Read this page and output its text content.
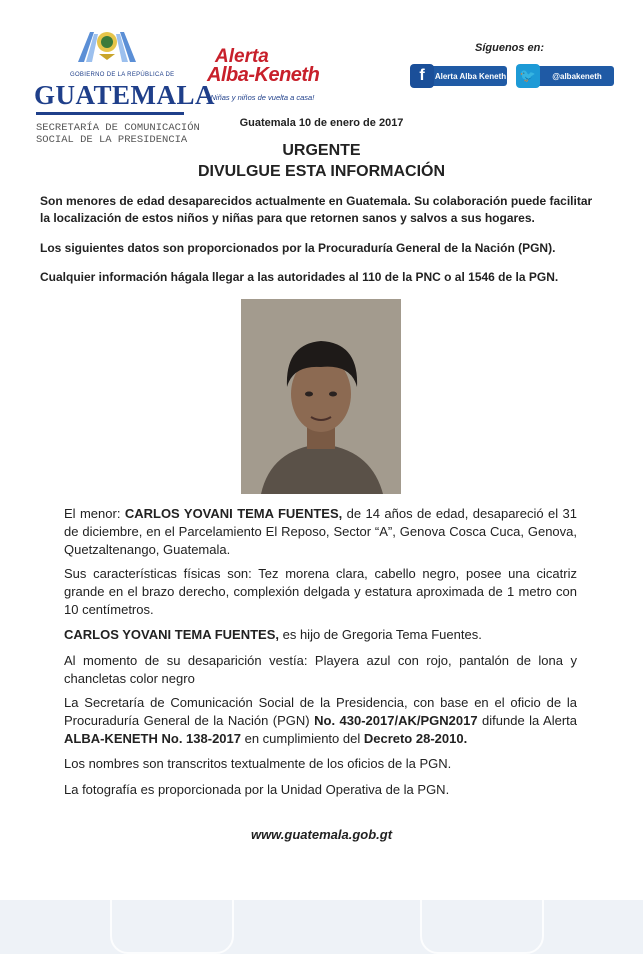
GOBIERNO DE LA REPÚBLICA DE
GUATEMALA
SECRETARÍA DE COMUNICACIÓN
SOCIAL DE LA PRESIDENCIA
Alerta
Alba-Keneth
¡Niñas y niños de vuelta a casa!
Síguenos en:
f	Alerta Alba Keneth	🐦	@albakeneth
Guatemala 10 de enero de 2017
URGENTE
DIVULGUE ESTA INFORMACIÓN
Son menores de edad desaparecidos actualmente en Guatemala. Su colaboración puede facilitar la localización de estos niños y niñas para que retornen sanos y salvos a sus hogares.
Los siguientes datos son proporcionados por la Procuraduría General de la Nación (PGN).
Cualquier información hágala llegar a las autoridades al 110 de la PNC o al 1546 de la PGN.
El menor: CARLOS YOVANI TEMA FUENTES, de 14 años de edad, desapareció el 31 de diciembre, en el Parcelamiento El Reposo, Sector “A”, Genova Cosca Cuca, Genova, Quetzaltenango, Guatemala.
Sus características físicas son: Tez morena clara, cabello negro, posee una cicatriz grande en el brazo derecho, complexión delgada y estatura aproximada de 1 metro con 10 centímetros.
CARLOS YOVANI TEMA FUENTES, es hijo de Gregoria Tema Fuentes.
Al momento de su desaparición vestía: Playera azul con rojo, pantalón de lona y chancletas color negro
La Secretaría de Comunicación Social de la Presidencia, con base en el oficio de la Procuraduría General de la Nación (PGN) No. 430-2017/AK/PGN2017 difunde la Alerta ALBA-KENETH No. 138-2017 en cumplimiento del Decreto 28-2010.
Los nombres son transcritos textualmente de los oficios de la PGN.
La fotografía es proporcionada por la Unidad Operativa de la PGN.
www.guatemala.gob.gt
